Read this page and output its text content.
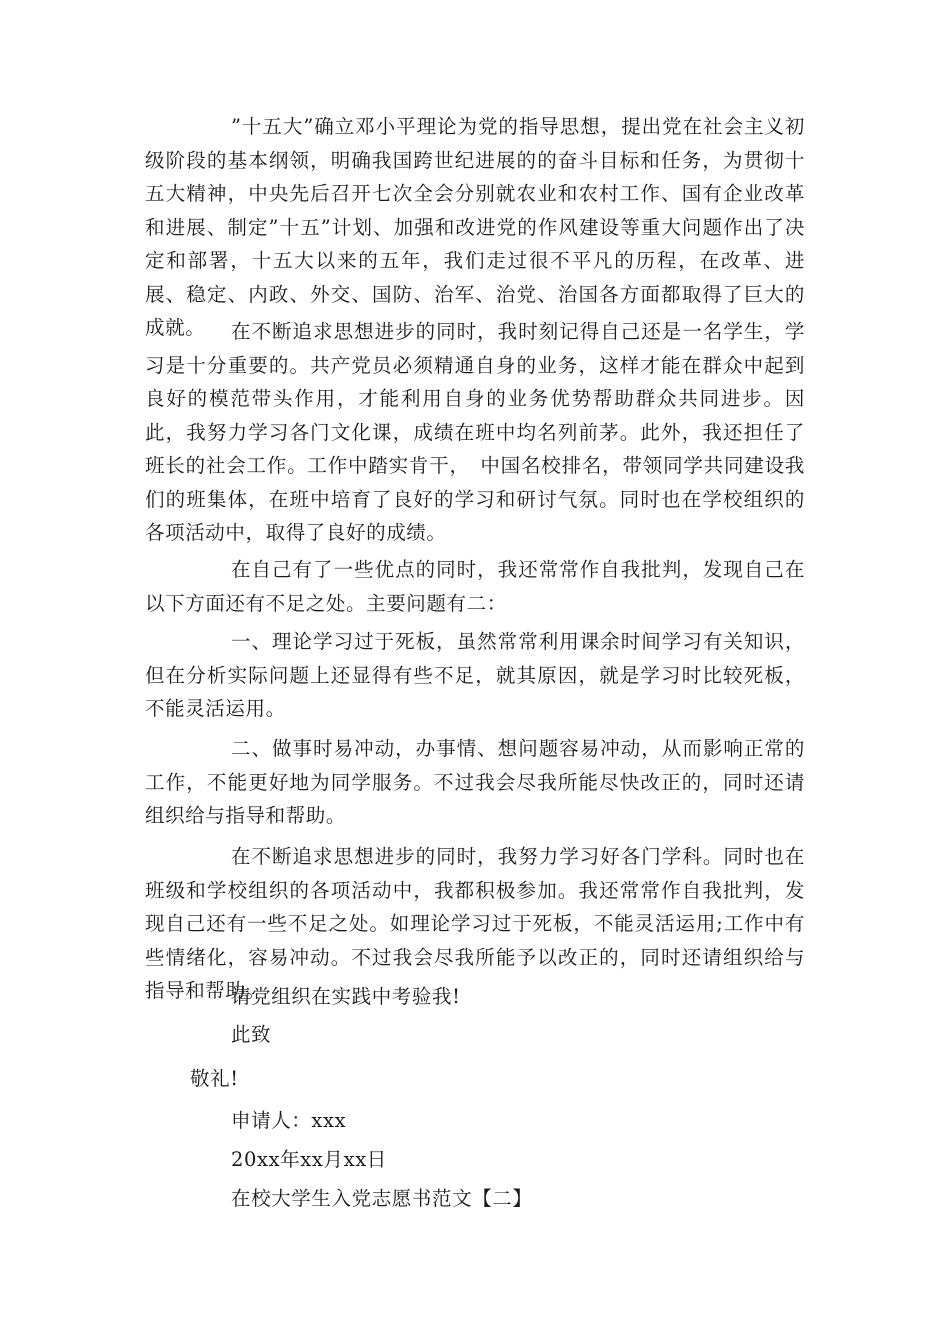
”十五大”确立邓小平理论为党的指导思想，提出党在社会主义初级阶段的基本纲领，明确我国跨世纪进展的的奋斗目标和任务，为贯彻十五大精神，中央先后召开七次全会分别就农业和农村工作、国有企业改革和进展、制定”十五”计划、加强和改进党的作风建设等重大问题作出了决定和部署，十五大以来的五年，我们走过很不平凡的历程，在改革、进展、稳定、内政、外交、国防、治军、治党、治国各方面都取得了巨大的成就。	在不断追求思想进步的同时，我时刻记得自己还是一名学生，学习是十分重要的。共产党员必须精通自身的业务，这样才能在群众中起到良好的模范带头作用，才能利用自身的业务优势帮助群众共同进步。因此，我努力学习各门文化课，成绩在班中均名列前茅。此外，我还担任了班长的社会工作。工作中踏实肯干，　中国名校排名，带领同学共同建设我们的班集体，在班中培育了良好的学习和研讨气氛。同时也在学校组织的各项活动中，取得了良好的成绩。

在自己有了一些优点的同时，我还常常作自我批判，发现自己在以下方面还有不足之处。主要问题有二：

一、理论学习过于死板，虽然常常利用课余时间学习有关知识，但在分析实际问题上还显得有些不足，就其原因，就是学习时比较死板，不能灵活运用。

二、做事时易冲动，办事情、想问题容易冲动，从而影响正常的工作，不能更好地为同学服务。不过我会尽我所能尽快改正的，同时还请组织给与指导和帮助。

在不断追求思想进步的同时，我努力学习好各门学科。同时也在班级和学校组织的各项活动中，我都积极参加。我还常常作自我批判，发现自己还有一些不足之处。如理论学习过于死板，不能灵活运用;工作中有些情绪化，容易冲动。不过我会尽我所能予以改正的，同时还请组织给与指导和帮助。

请党组织在实践中考验我!

此致

敬礼!

申请人：xxx

20xx年xx月xx日

在校大学生入党志愿书范文【二】
